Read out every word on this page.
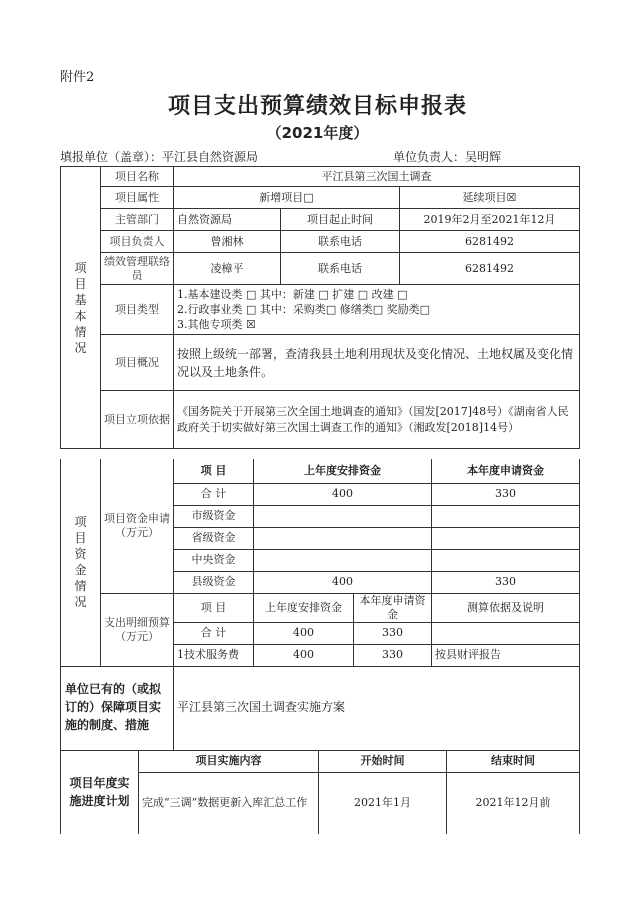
附件2
项目支出预算绩效目标申报表
（2021年度）
填报单位（盖章）：平江县自然资源局	单位负责人：吴明辉
项目基本情况	项目名称	平江县第三次国土调查		
	项目属性	新增项目□		延续项目☒
	主管部门	自然资源局	项目起止时间	2019年2月至2021年12月
	项目负责人	曾湘林	联系电话	6281492
	绩效管理联络员	凌樟平	联系电话	6281492
	项目类型	1.基本建设类 □ 其中：新建 □ 扩建 □ 改建 □
2.行政事业类 □ 其中：采购类□ 修缮类□ 奖励类□
3.其他专项类 ☒		

	项目概况	按照上级统一部署，查清我县土地利用现状及变化情况、土地权属及变化情况以及土地条件。		
	项目立项依据	《国务院关于开展第三次全国土地调查的通知》（国发[2017]48号）《湖南省人民政府关于切实做好第三次国土调查工作的通知》（湘政发[2018]14号）		
项目资金情况	项目资金申请（万元）	项 目	上年度安排资金		本年度申请资金
		合 计	400		330
		市级资金			
		省级资金			
		中央资金			
		县级资金	400		330
	支出明细预算（万元）	项 目	上年度安排资金	本年度申请资金	测算依据及说明
		合 计	400	330	
		1技术服务费	400	330	按县财评报告
单位已有的（或拟订的）保障项目实施的制度、措施	平江县第三次国土调查实施方案
项目年度实施进度计划	项目实施内容	开始时间	结束时间
	完成“三调”数据更新入库汇总工作	2021年1月	2021年12月前
